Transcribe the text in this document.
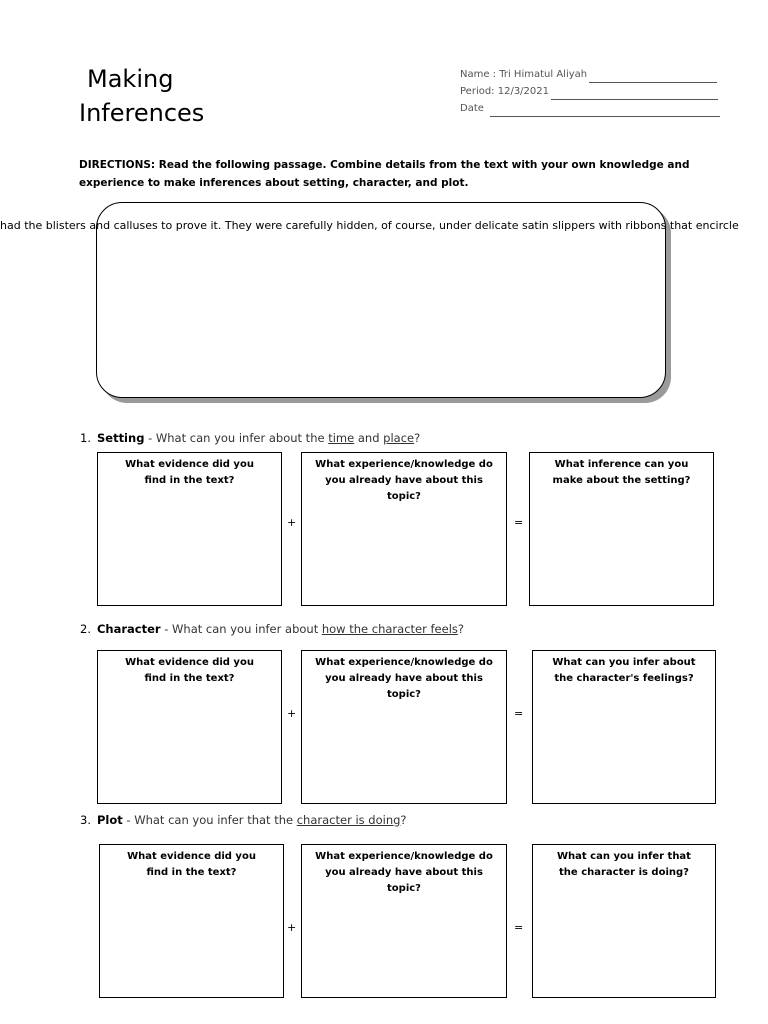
Making
Inferences
Name : Tri Himatul Aliyah
Period: 12/3/2021
Date
DIRECTIONS: Read the following passage. Combine details from the text with your own knowledge and experience to make inferences about setting, character, and plot.
had the blisters and calluses to prove it. They were carefully hidden, of course, under delicate satin slippers with ribbons that encircle
1. Setting - What can you infer about the time and place?
What evidence did you find in the text?
+
What experience/knowledge do you already have about this topic?
=
What inference can you make about the setting?
2. Character - What can you infer about how the character feels?
What evidence did you find in the text?
+
What experience/knowledge do you already have about this topic?
=
What can you infer about the character's feelings?
3. Plot - What can you infer that the character is doing?
What evidence did you find in the text?
+
What experience/knowledge do you already have about this topic?
=
What can you infer that the character is doing?
